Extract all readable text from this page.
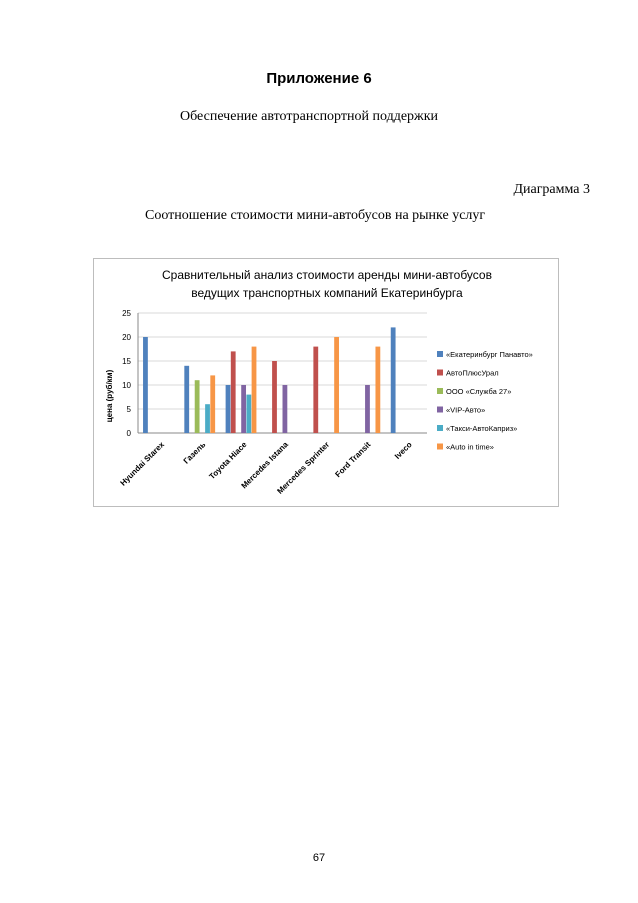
Приложение 6
Обеспечение автотранспортной поддержки
Диаграмма 3
Соотношение стоимости мини-автобусов на рынке услуг
Сравнительный анализ стоимости аренды мини-автобусов
ведущих транспортных компаний Екатеринбурга
цена (руб/км)
0
5
10
15
20
25
Hyundai Starex Газель Toyota Hiace
Mercedes Istana
Mercedes Sprinter Ford Transit	Iveco
«Екатеринбург Панавто»
АвтоПлюсУрал
ООО «Служба 27»
«VIP-Авто»
«Такси-АвтоКаприз»
«Auto in time»
67
